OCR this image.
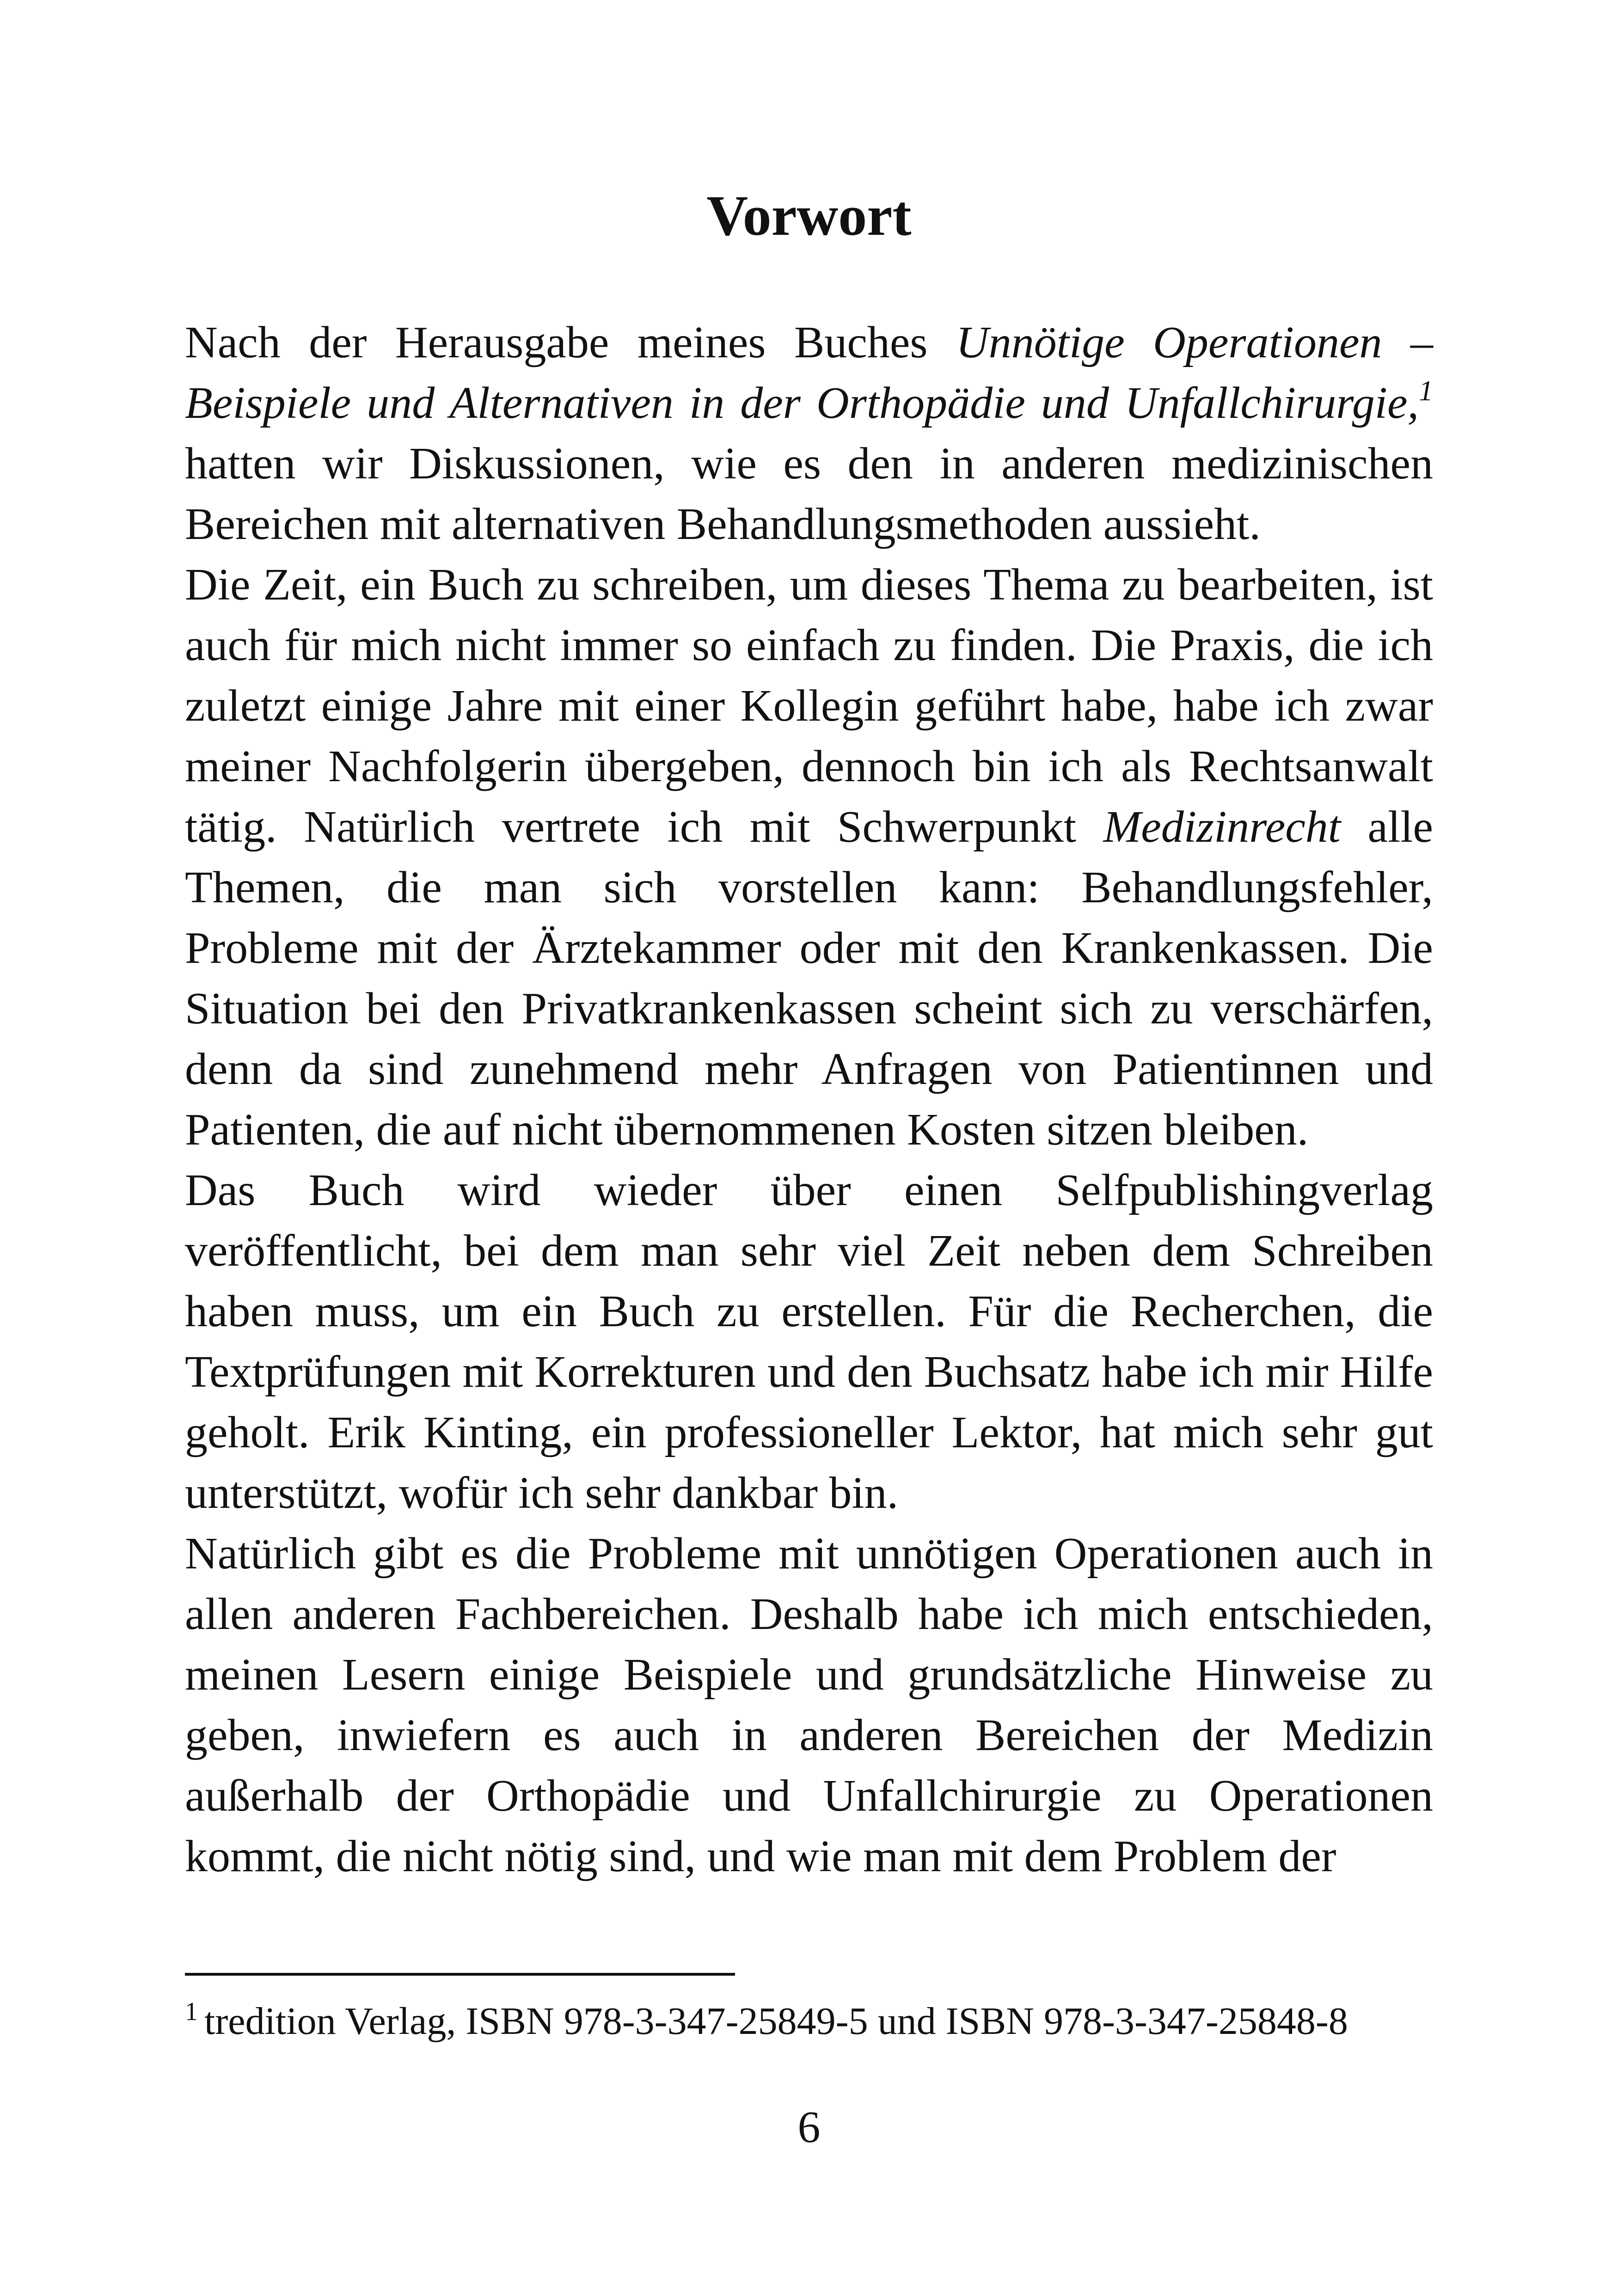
Vorwort

Nach der Herausgabe meines Buches Unnötige Operationen – Beispiele und Alternativen in der Orthopädie und Unfallchirurgie,$^1$ hatten wir Diskussionen, wie es den in anderen medizinischen Bereichen mit alternativen Behandlungsmethoden aussieht.

Die Zeit, ein Buch zu schreiben, um dieses Thema zu bearbeiten, ist auch für mich nicht immer so einfach zu finden. Die Praxis, die ich zuletzt einige Jahre mit einer Kollegin geführt habe, habe ich zwar meiner Nachfolgerin übergeben, dennoch bin ich als Rechtsanwalt tätig. Natürlich vertrete ich mit Schwerpunkt Medizinrecht alle Themen, die man sich vorstellen kann: Behandlungsfehler, Probleme mit der Ärztekammer oder mit den Krankenkassen. Die Situation bei den Privatkrankenkassen scheint sich zu verschärfen, denn da sind zunehmend mehr Anfragen von Patientinnen und Patienten, die auf nicht übernommenen Kosten sitzen bleiben.

Das Buch wird wieder über einen Selfpublishingverlag veröffentlicht, bei dem man sehr viel Zeit neben dem Schreiben haben muss, um ein Buch zu erstellen. Für die Recherchen, die Textprüfungen mit Korrekturen und den Buchsatz habe ich mir Hilfe geholt. Erik Kinting, ein professioneller Lektor, hat mich sehr gut unterstützt, wofür ich sehr dankbar bin.

Natürlich gibt es die Probleme mit unnötigen Operationen auch in allen anderen Fachbereichen. Deshalb habe ich mich entschieden, meinen Lesern einige Beispiele und grundsätzliche Hinweise zu geben, inwiefern es auch in anderen Bereichen der Medizin außerhalb der Orthopädie und Unfallchirurgie zu Operationen kommt, die nicht nötig sind, und wie man mit dem Problem der

$^1$ tredition Verlag, ISBN 978-3-347-25849-5 und ISBN 978-3-347-25848-8

6
